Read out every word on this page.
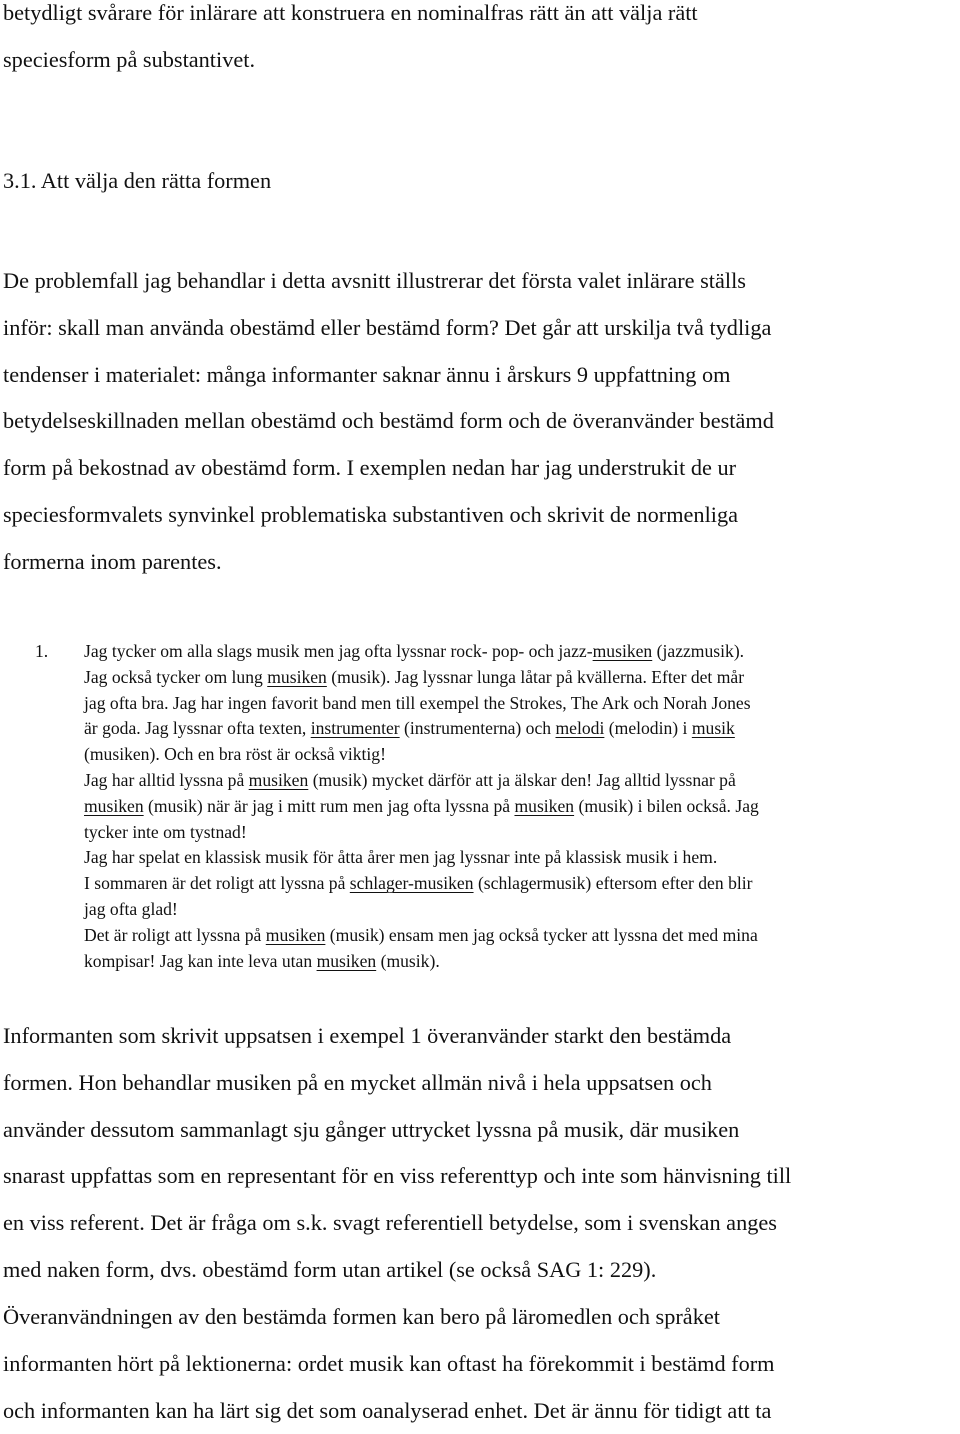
betydligt svårare för inlärare att konstruera en nominalfras rätt än att välja rätt
speciesform på substantivet.
3.1. Att välja den rätta formen
De problemfall jag behandlar i detta avsnitt illustrerar det första valet inlärare ställs
inför: skall man använda obestämd eller bestämd form? Det går att urskilja två tydliga
tendenser i materialet: många informanter saknar ännu i årskurs 9 uppfattning om
betydelseskillnaden mellan obestämd och bestämd form och de överanvänder bestämd
form på bekostnad av obestämd form. I exemplen nedan har jag understrukit de ur
speciesformvalets synvinkel problematiska substantiven och skrivit de normenliga
formerna inom parentes.
1.	Jag tycker om alla slags musik men jag ofta lyssnar rock- pop- och jazz-musiken (jazzmusik).
Jag också tycker om lung musiken (musik). Jag lyssnar lunga låtar på kvällerna. Efter det mår
jag ofta bra. Jag har ingen favorit band men till exempel the Strokes, The Ark och Norah Jones
är goda. Jag lyssnar ofta texten, instrumenter (instrumenterna) och melodi (melodin) i musik
(musiken). Och en bra röst är också viktig!
Jag har alltid lyssna på musiken (musik) mycket därför att ja älskar den! Jag alltid lyssnar på
musiken (musik) när är jag i mitt rum men jag ofta lyssna på musiken (musik) i bilen också. Jag
tycker inte om tystnad!
Jag har spelat en klassisk musik för åtta årer men jag lyssnar inte på klassisk musik i hem.
I sommaren är det roligt att lyssna på schlager-musiken (schlagermusik) eftersom efter den blir
jag ofta glad!
Det är roligt att lyssna på musiken (musik) ensam men jag också tycker att lyssna det med mina
kompisar! Jag kan inte leva utan musiken (musik).
Informanten som skrivit uppsatsen i exempel 1 överanvänder starkt den bestämda
formen. Hon behandlar musiken på en mycket allmän nivå i hela uppsatsen och
använder dessutom sammanlagt sju gånger uttrycket lyssna på musik, där musiken
snarast uppfattas som en representant för en viss referenttyp och inte som hänvisning till
en viss referent. Det är fråga om s.k. svagt referentiell betydelse, som i svenskan anges
med naken form, dvs. obestämd form utan artikel (se också SAG 1: 229).
Överanvändningen av den bestämda formen kan bero på läromedlen och språket
informanten hört på lektionerna: ordet musik kan oftast ha förekommit i bestämd form
och informanten kan ha lärt sig det som oanalyserad enhet. Det är ännu för tidigt att ta
